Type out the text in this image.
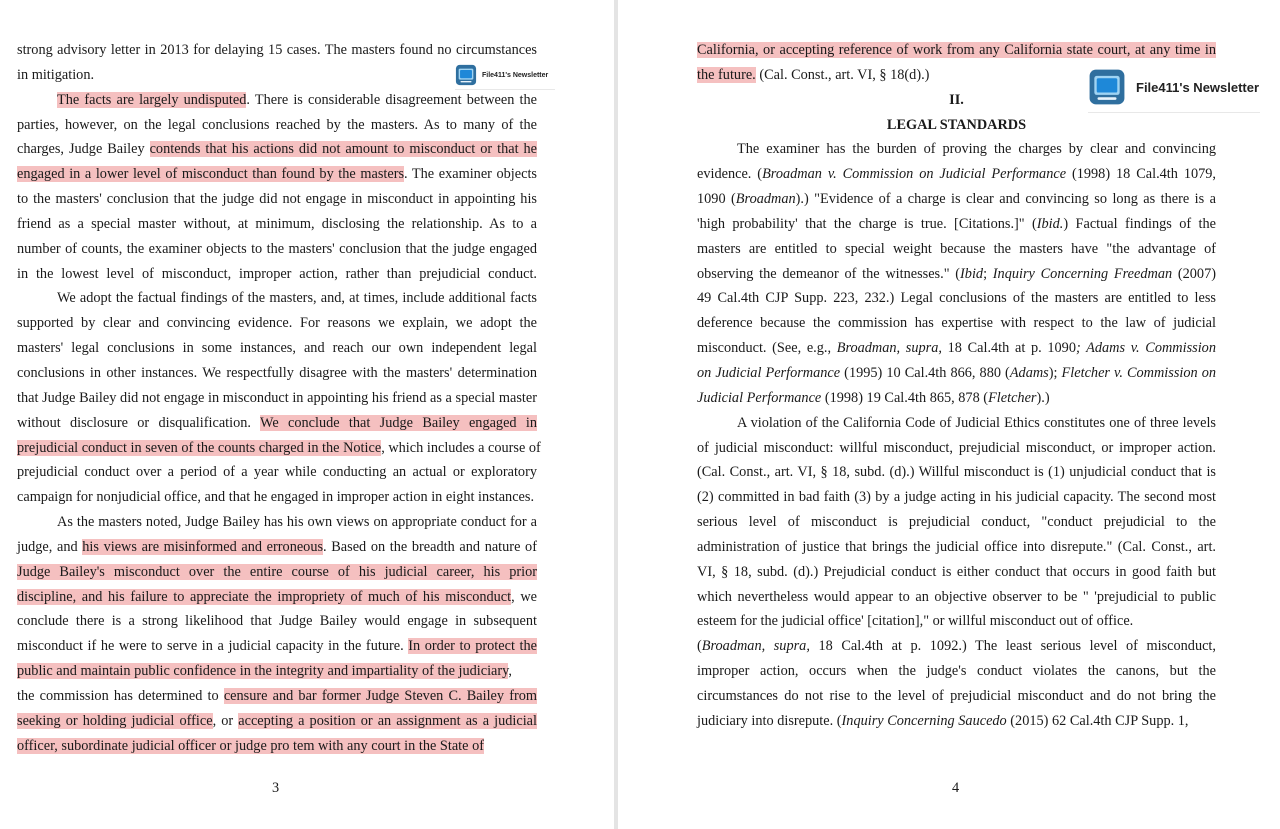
strong advisory letter in 2013 for delaying 15 cases. The masters found no circumstances
in mitigation.
The facts are largely undisputed. There is considerable disagreement between the
parties, however, on the legal conclusions reached by the masters. As to many of the
charges, Judge Bailey contends that his actions did not amount to misconduct or that he
engaged in a lower level of misconduct than found by the masters. The examiner objects
to the masters' conclusion that the judge did not engage in misconduct in appointing his
friend as a special master without, at minimum, disclosing the relationship. As to a
number of counts, the examiner objects to the masters' conclusion that the judge engaged
in the lowest level of misconduct, improper action, rather than prejudicial conduct.
We adopt the factual findings of the masters, and, at times, include additional facts
supported by clear and convincing evidence. For reasons we explain, we adopt the
masters' legal conclusions in some instances, and reach our own independent legal
conclusions in other instances. We respectfully disagree with the masters' determination
that Judge Bailey did not engage in misconduct in appointing his friend as a special master
without disclosure or disqualification. We conclude that Judge Bailey engaged in
prejudicial conduct in seven of the counts charged in the Notice, which includes a course of
prejudicial conduct over a period of a year while conducting an actual or exploratory
campaign for nonjudicial office, and that he engaged in improper action in eight instances.
As the masters noted, Judge Bailey has his own views on appropriate conduct for a
judge, and his views are misinformed and erroneous. Based on the breadth and nature of
Judge Bailey's misconduct over the entire course of his judicial career, his prior
discipline, and his failure to appreciate the impropriety of much of his misconduct, we
conclude there is a strong likelihood that Judge Bailey would engage in subsequent
misconduct if he were to serve in a judicial capacity in the future. In order to protect the
public and maintain public confidence in the integrity and impartiality of the judiciary,
the commission has determined to censure and bar former Judge Steven C. Bailey from
seeking or holding judicial office, or accepting a position or an assignment as a judicial
officer, subordinate judicial officer or judge pro tem with any court in the State of
File411's Newsletter
3
California, or accepting reference of work from any California state court, at any time in
the future. (Cal. Const., art. VI, § 18(d).)
II.
LEGAL STANDARDS
The examiner has the burden of proving the charges by clear and convincing
evidence. (Broadman v. Commission on Judicial Performance (1998) 18 Cal.4th 1079,
1090 (Broadman).) "Evidence of a charge is clear and convincing so long as there is a
'high probability' that the charge is true. [Citations.]" (Ibid.) Factual findings of the
masters are entitled to special weight because the masters have "the advantage of
observing the demeanor of the witnesses." (Ibid; Inquiry Concerning Freedman (2007)
49 Cal.4th CJP Supp. 223, 232.) Legal conclusions of the masters are entitled to less
deference because the commission has expertise with respect to the law of judicial
misconduct. (See, e.g., Broadman, supra, 18 Cal.4th at p. 1090; Adams v. Commission
on Judicial Performance (1995) 10 Cal.4th 866, 880 (Adams); Fletcher v. Commission on
Judicial Performance (1998) 19 Cal.4th 865, 878 (Fletcher).)
A violation of the California Code of Judicial Ethics constitutes one of three levels
of judicial misconduct: willful misconduct, prejudicial misconduct, or improper action.
(Cal. Const., art. VI, § 18, subd. (d).) Willful misconduct is (1) unjudicial conduct that is
(2) committed in bad faith (3) by a judge acting in his judicial capacity. The second most
serious level of misconduct is prejudicial conduct, "conduct prejudicial to the
administration of justice that brings the judicial office into disrepute." (Cal. Const., art.
VI, § 18, subd. (d).) Prejudicial conduct is either conduct that occurs in good faith but
which nevertheless would appear to an objective observer to be " 'prejudicial to public
esteem for the judicial office' [citation]," or willful misconduct out of office.
(Broadman, supra, 18 Cal.4th at p. 1092.) The least serious level of misconduct,
improper action, occurs when the judge's conduct violates the canons, but the
circumstances do not rise to the level of prejudicial misconduct and do not bring the
judiciary into disrepute. (Inquiry Concerning Saucedo (2015) 62 Cal.4th CJP Supp. 1,
File411's Newsletter
4
